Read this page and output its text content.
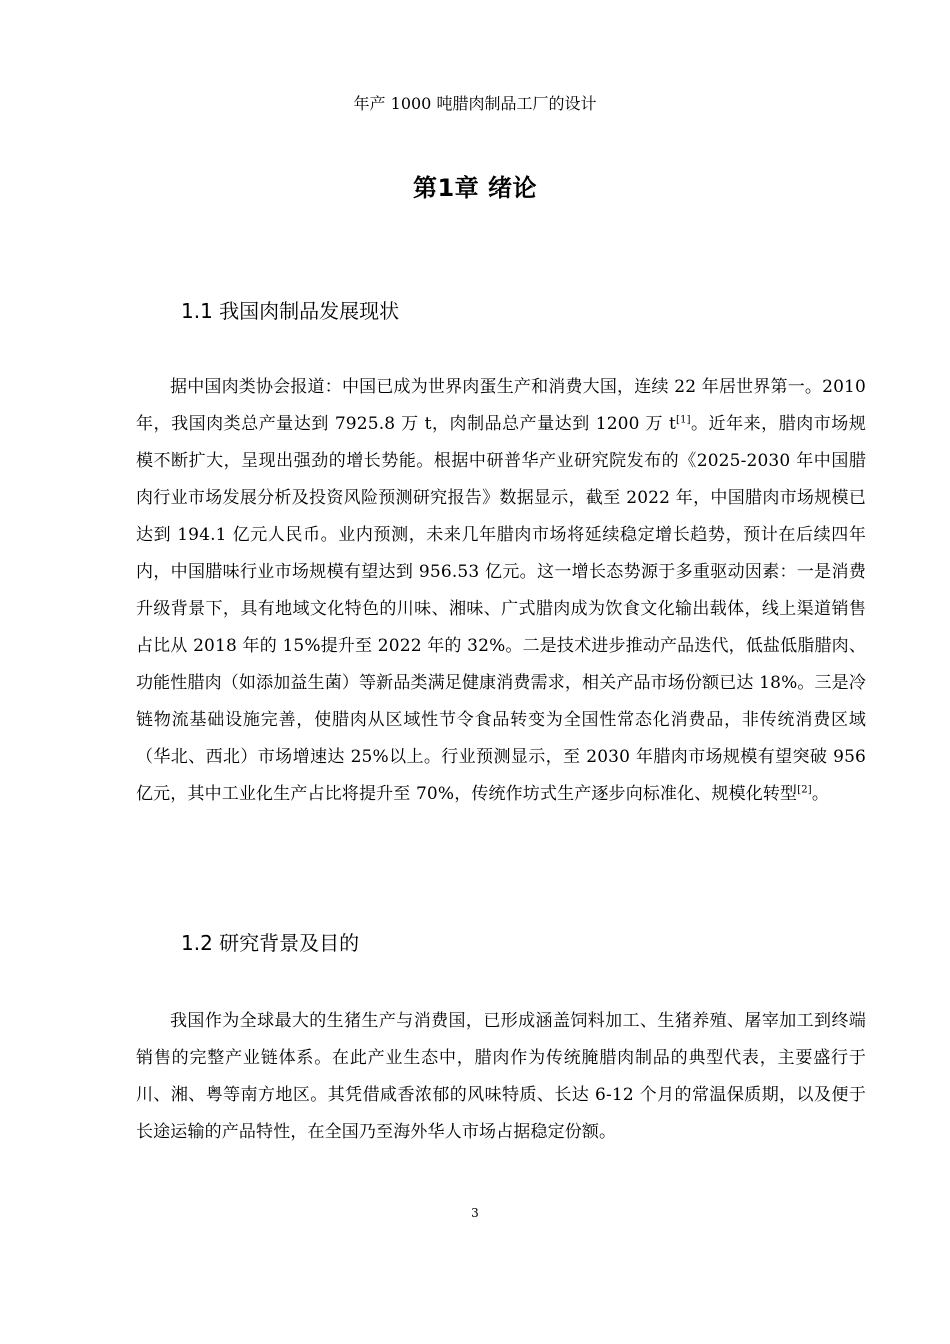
年产 1000 吨腊肉制品工厂的设计
第1章 绪论
1.1 我国肉制品发展现状

据中国肉类协会报道：中国已成为世界肉蛋生产和消费大国，连续 22 年居世界第一。2010 年，我国肉类总产量达到 7925.8 万 t，肉制品总产量达到 1200 万 t[1]。近年来，腊肉市场规模不断扩大，呈现出强劲的增长势能。根据中研普华产业研究院发布的《2025-2030 年中国腊肉行业市场发展分析及投资风险预测研究报告》数据显示，截至 2022 年，中国腊肉市场规模已达到 194.1 亿元人民币。业内预测，未来几年腊肉市场将延续稳定增长趋势，预计在后续四年内，中国腊味行业市场规模有望达到 956.53 亿元。这一增长态势源于多重驱动因素：一是消费升级背景下，具有地域文化特色的川味、湘味、广式腊肉成为饮食文化输出载体，线上渠道销售占比从 2018 年的 15%提升至 2022 年的 32%。二是技术进步推动产品迭代，低盐低脂腊肉、功能性腊肉（如添加益生菌）等新品类满足健康消费需求，相关产品市场份额已达 18%。三是冷链物流基础设施完善，使腊肉从区域性节令食品转变为全国性常态化消费品，非传统消费区域（华北、西北）市场增速达 25%以上。行业预测显示，至 2030 年腊肉市场规模有望突破 956 亿元，其中工业化生产占比将提升至 70%，传统作坊式生产逐步向标准化、规模化转型[2]。

1.2 研究背景及目的

我国作为全球最大的生猪生产与消费国，已形成涵盖饲料加工、生猪养殖、屠宰加工到终端销售的完整产业链体系。在此产业生态中，腊肉作为传统腌腊肉制品的典型代表，主要盛行于川、湘、粤等南方地区。其凭借咸香浓郁的风味特质、长达 6-12 个月的常温保质期，以及便于长途运输的产品特性，在全国乃至海外华人市场占据稳定份额。

3
